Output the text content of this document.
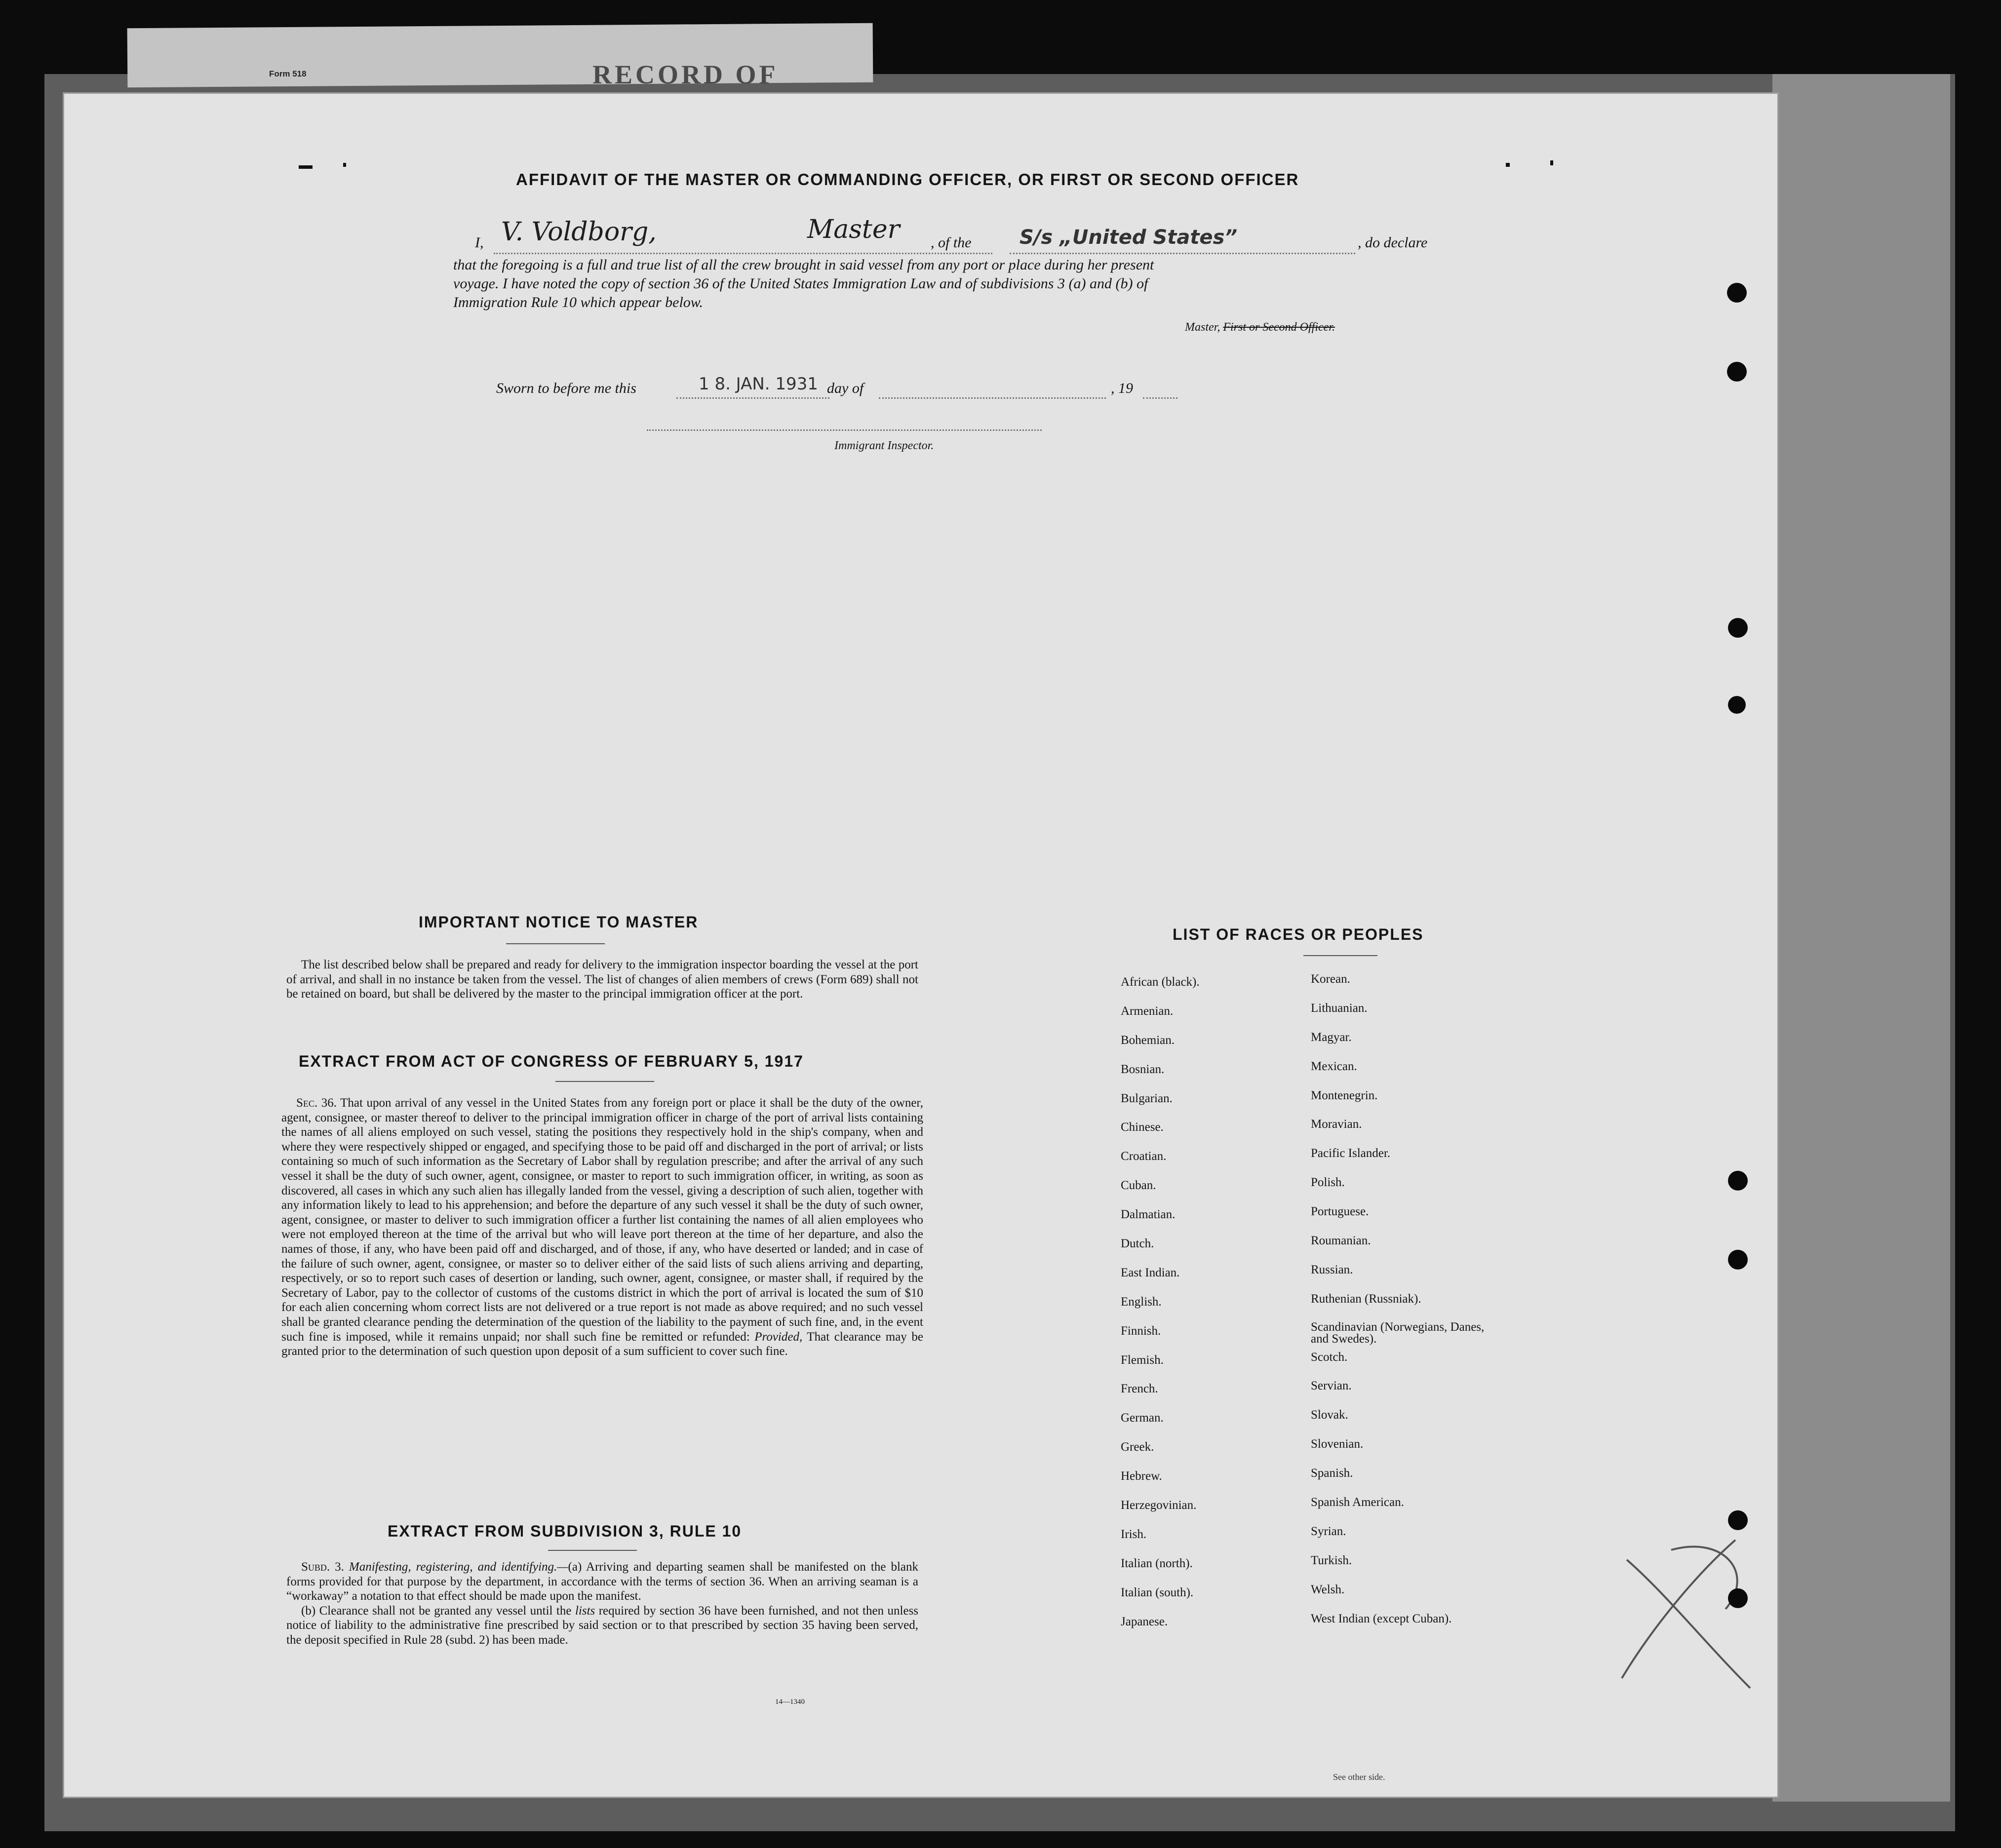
Form 518	RECORD OF
AFFIDAVIT OF THE MASTER OR COMMANDING OFFICER, OR FIRST OR SECOND OFFICER
I, V. Voldborg,	Master , of the S/s „United States”	, do declare
that the foregoing is a full and true list of all the crew brought in said vessel from any port or place during her present
voyage. I have noted the copy of section 36 of the United States Immigration Law and of subdivisions 3 (a) and (b) of
Immigration Rule 10 which appear below.
Master, First or Second Officer.
Sworn to before me this	1 8. JAN. 1931 day of	, 19
Immigrant Inspector.
IMPORTANT NOTICE TO MASTER

The list described below shall be prepared and ready for delivery to the immigration inspector boarding the vessel at the port of arrival, and shall in no instance be taken from the vessel. The list of changes of alien members of crews (Form 689) shall not be retained on board, but shall be delivered by the master to the principal immigration officer at the port.

EXTRACT FROM ACT OF CONGRESS OF FEBRUARY 5, 1917

Sec. 36. That upon arrival of any vessel in the United States from any foreign port or place it shall be the duty of the owner, agent, consignee, or master thereof to deliver to the principal immigration officer in charge of the port of arrival lists containing the names of all aliens employed on such vessel, stating the positions they respectively hold in the ship's company, when and where they were respectively shipped or engaged, and specifying those to be paid off and discharged in the port of arrival; or lists containing so much of such information as the Secretary of Labor shall by regulation prescribe; and after the arrival of any such vessel it shall be the duty of such owner, agent, consignee, or master to report to such immigration officer, in writing, as soon as discovered, all cases in which any such alien has illegally landed from the vessel, giving a description of such alien, together with any information likely to lead to his apprehension; and before the departure of any such vessel it shall be the duty of such owner, agent, consignee, or master to deliver to such immigration officer a further list containing the names of all alien employees who were not employed thereon at the time of the arrival but who will leave port thereon at the time of her departure, and also the names of those, if any, who have been paid off and discharged, and of those, if any, who have deserted or landed; and in case of the failure of such owner, agent, consignee, or master so to deliver either of the said lists of such aliens arriving and departing, respectively, or so to report such cases of desertion or landing, such owner, agent, consignee, or master shall, if required by the Secretary of Labor, pay to the collector of customs of the customs district in which the port of arrival is located the sum of $10 for each alien concerning whom correct lists are not delivered or a true report is not made as above required; and no such vessel shall be granted clearance pending the determination of the question of the liability to the payment of such fine, and, in the event such fine is imposed, while it remains unpaid; nor shall such fine be remitted or refunded: Provided, That clearance may be granted prior to the determination of such question upon deposit of a sum sufficient to cover such fine.

EXTRACT FROM SUBDIVISION 3, RULE 10

Subd. 3. Manifesting, registering, and identifying.—(a) Arriving and departing seamen shall be manifested on the blank forms provided for that purpose by the department, in accordance with the terms of section 36. When an arriving seaman is a “workaway” a notation to that effect should be made upon the manifest.

(b) Clearance shall not be granted any vessel until the lists required by section 36 have been furnished, and not then unless notice of liability to the administrative fine prescribed by said section or to that prescribed by section 35 having been served, the deposit specified in Rule 28 (subd. 2) has been made.

14—1340
LIST OF RACES OR PEOPLES
African (black).
Armenian.
Bohemian.
Bosnian.
Bulgarian.
Chinese.
Croatian.
Cuban.
Dalmatian.
Dutch.
East Indian.
English.
Finnish.
Flemish.
French.
German.
Greek.
Hebrew.
Herzegovinian.
Irish.
Italian (north).
Italian (south).
Japanese.
Korean.
Lithuanian.
Magyar.
Mexican.
Montenegrin.
Moravian.
Pacific Islander.
Polish.
Portuguese.
Roumanian.
Russian.
Ruthenian (Russniak).
Scandinavian (Norwegians, Danes, and Swedes).
Scotch.
Servian.
Slovak.
Slovenian.
Spanish.
Spanish American.
Syrian.
Turkish.
Welsh.
West Indian (except Cuban).
See other side.
